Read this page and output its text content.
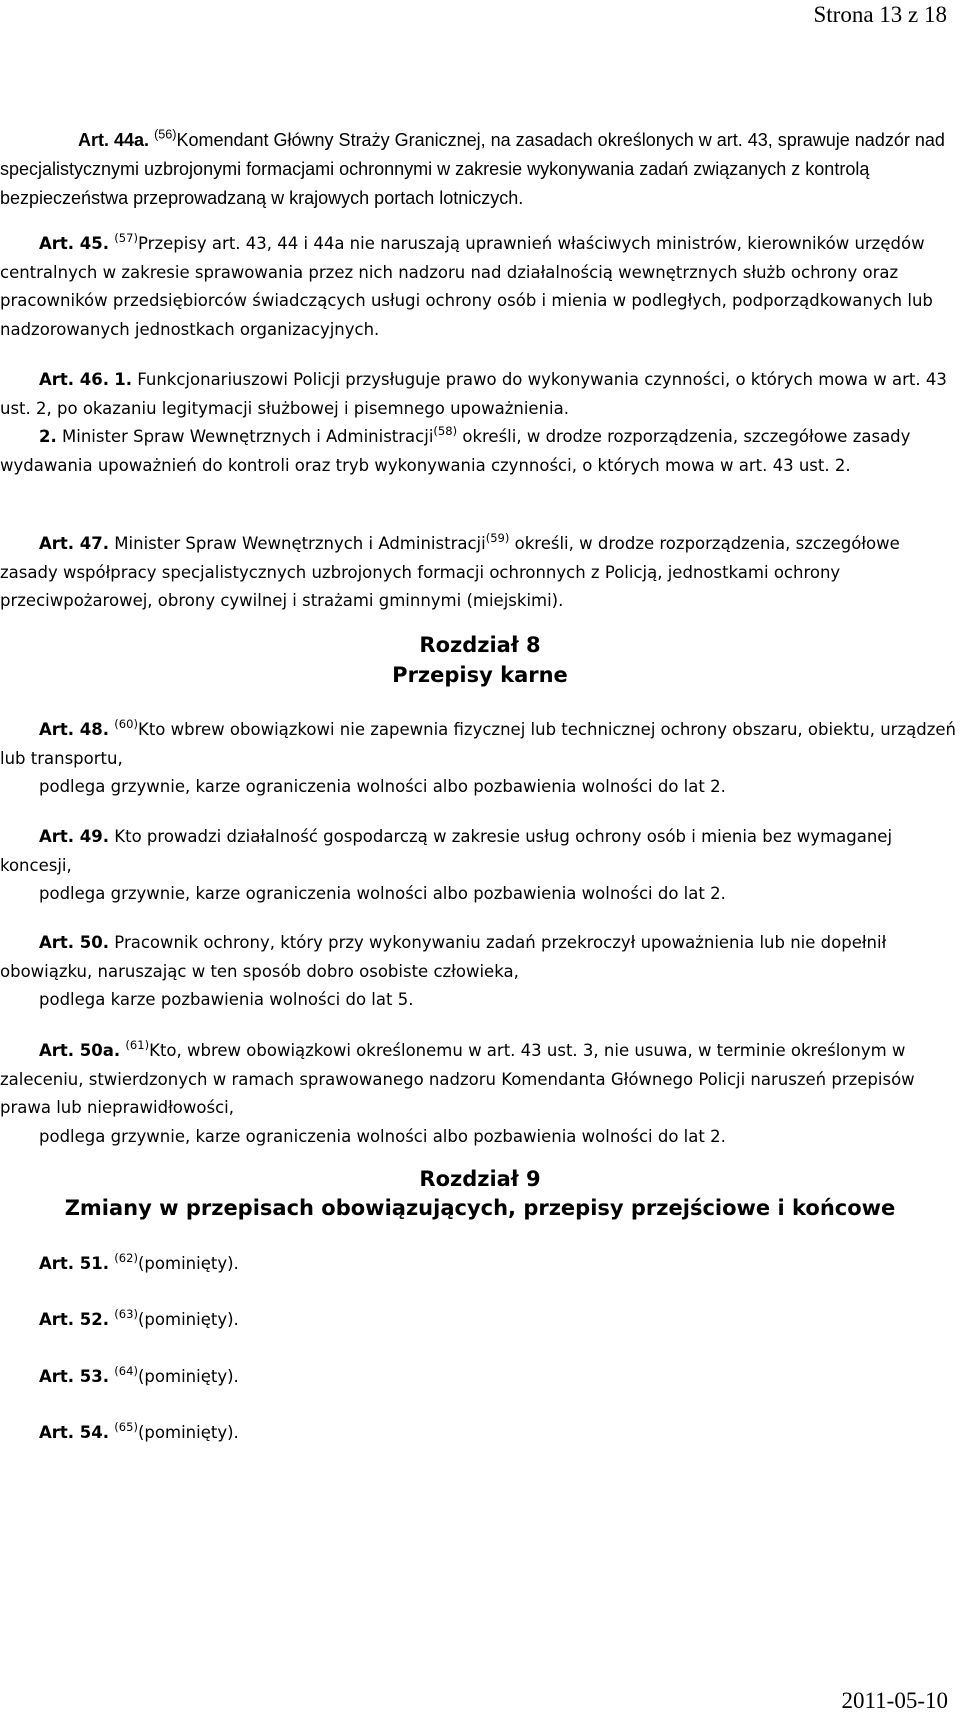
Strona 13 z 18
Art. 44a. $^{(56)}$Komendant Główny Straży Granicznej, na zasadach określonych w art. 43, sprawuje nadzór nad specjalistycznymi uzbrojonymi formacjami ochronnymi w zakresie wykonywania zadań związanych z kontrolą bezpieczeństwa przeprowadzaną w krajowych portach lotniczych.
Art. 45. $^{(57)}$Przepisy art. 43, 44 i 44a nie naruszają uprawnień właściwych ministrów, kierowników urzędów centralnych w zakresie sprawowania przez nich nadzoru nad działalnością wewnętrznych służb ochrony oraz pracowników przedsiębiorców świadczących usługi ochrony osób i mienia w podległych, podporządkowanych lub nadzorowanych jednostkach organizacyjnych.
Art. 46. 1. Funkcjonariuszowi Policji przysługuje prawo do wykonywania czynności, o których mowa w art. 43 ust. 2, po okazaniu legitymacji służbowej i pisemnego upoważnienia.
2. Minister Spraw Wewnętrznych i Administracji$^{(58)}$ określi, w drodze rozporządzenia, szczegółowe zasady wydawania upoważnień do kontroli oraz tryb wykonywania czynności, o których mowa w art. 43 ust. 2.
Art. 47. Minister Spraw Wewnętrznych i Administracji$^{(59)}$ określi, w drodze rozporządzenia, szczegółowe zasady współpracy specjalistycznych uzbrojonych formacji ochronnych z Policją, jednostkami ochrony przeciwpożarowej, obrony cywilnej i strażami gminnymi (miejskimi).
Rozdział 8
Przepisy karne
Art. 48. $^{(60)}$Kto wbrew obowiązkowi nie zapewnia fizycznej lub technicznej ochrony obszaru, obiektu, urządzeń lub transportu,
podlega grzywnie, karze ograniczenia wolności albo pozbawienia wolności do lat 2.
Art. 49. Kto prowadzi działalność gospodarczą w zakresie usług ochrony osób i mienia bez wymaganej koncesji,
podlega grzywnie, karze ograniczenia wolności albo pozbawienia wolności do lat 2.
Art. 50. Pracownik ochrony, który przy wykonywaniu zadań przekroczył upoważnienia lub nie dopełnił obowiązku, naruszając w ten sposób dobro osobiste człowieka,
podlega karze pozbawienia wolności do lat 5.
Art. 50a. $^{(61)}$Kto, wbrew obowiązkowi określonemu w art. 43 ust. 3, nie usuwa, w terminie określonym w zaleceniu, stwierdzonych w ramach sprawowanego nadzoru Komendanta Głównego Policji naruszeń przepisów prawa lub nieprawidłowości,
podlega grzywnie, karze ograniczenia wolności albo pozbawienia wolności do lat 2.
Rozdział 9
Zmiany w przepisach obowiązujących, przepisy przejściowe i końcowe
Art. 51. $^{(62)}$(pominięty).
Art. 52. $^{(63)}$(pominięty).
Art. 53. $^{(64)}$(pominięty).
Art. 54. $^{(65)}$(pominięty).
2011-05-10
